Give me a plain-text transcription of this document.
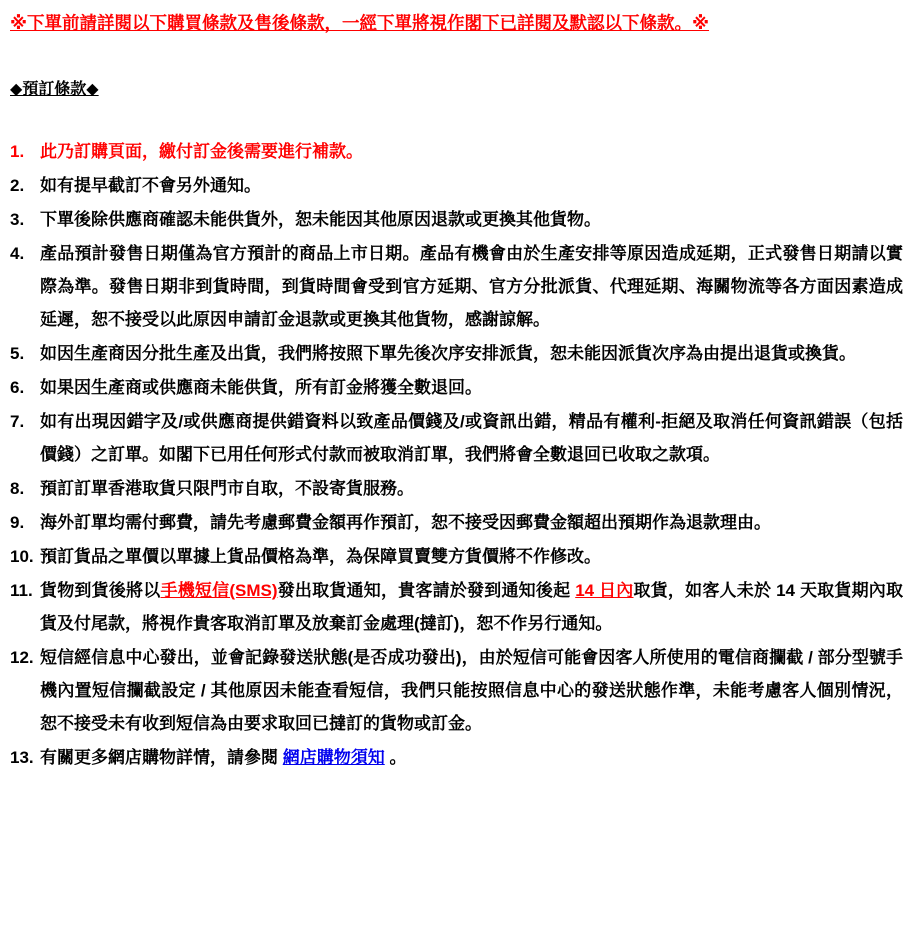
※下單前請詳閱以下購買條款及售後條款，一經下單將視作閣下已詳閱及默認以下條款。※
◆預訂條款◆
1. 此乃訂購頁面，繳付訂金後需要進行補款。
2. 如有提早截訂不會另外通知。
3. 下單後除供應商確認未能供貨外，恕未能因其他原因退款或更換其他貨物。
4. 產品預計發售日期僅為官方預計的商品上市日期。產品有機會由於生產安排等原因造成延期，正式發售日期請以實際為準。發售日期非到貨時間，到貨時間會受到官方延期、官方分批派貨、代理延期、海關物流等各方面因素造成延遲，恕不接受以此原因申請訂金退款或更換其他貨物，感謝諒解。
5. 如因生產商因分批生產及出貨，我們將按照下單先後次序安排派貨，恕未能因派貨次序為由提出退貨或換貨。
6. 如果因生產商或供應商未能供貨，所有訂金將獲全數退回。
7. 如有出現因錯字及/或供應商提供錯資料以致產品價錢及/或資訊出錯，精品有權利-拒絕及取消任何資訊錯誤（包括價錢）之訂單。如閣下已用任何形式付款而被取消訂單，我們將會全數退回已收取之款項。
8. 預訂訂單香港取貨只限門市自取，不設寄貨服務。
9. 海外訂單均需付郵費，請先考慮郵費金額再作預訂，恕不接受因郵費金額超出預期作為退款理由。
10. 預訂貨品之單價以單據上貨品價格為準，為保障買賣雙方貨價將不作修改。
11. 貨物到貨後將以手機短信(SMS)發出取貨通知，貴客請於發到通知後起 14 日內取貨，如客人未於 14 天取貨期內取貨及付尾款，將視作貴客取消訂單及放棄訂金處理(撻訂)，恕不作另行通知。
12. 短信經信息中心發出，並會記錄發送狀態(是否成功發出)，由於短信可能會因客人所使用的電信商攔截 / 部分型號手機內置短信攔截設定 / 其他原因未能查看短信，我們只能按照信息中心的發送狀態作準，未能考慮客人個別情況，恕不接受未有收到短信為由要求取回已撻訂的貨物或訂金。
13. 有關更多網店購物詳情，請參閱 網店購物須知 。
